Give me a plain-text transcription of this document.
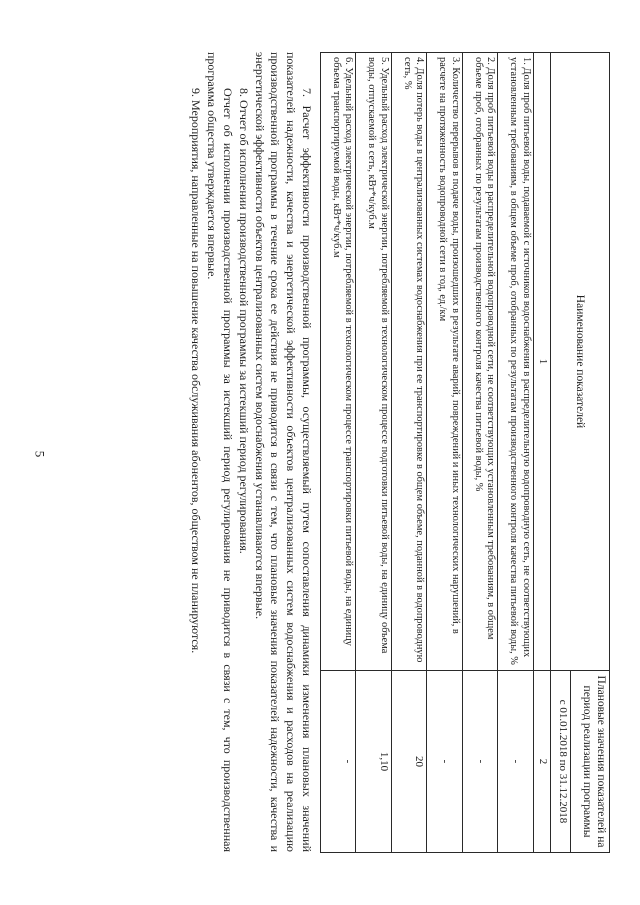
5
Наименование показателей	Плановые значения показателей на период реализации программы
	с 01.01.2018 по 31.12.2018
1	2
1. Доля проб питьевой воды, подаваемой с источников водоснабжения в распределительную водопроводную сеть, не соответствующих установленным требованиям, в общем объеме проб, отобранных по результатам производственного контроля качества питьевой воды, %	-
2. Доля проб питьевой воды в распределительной водопроводной сети, не соответствующих установленным требованиям, в общем объеме проб, отобранных по результатам производственного контроля качества питьевой воды, %	-
3. Количество перерывов в подаче воды, произошедших в результате аварий, повреждений и иных технологических нарушений, в расчете на протяженность водопроводной сети в год, ед./км	-
4. Доля потерь воды в централизованных системах водоснабжения при ее транспортировке в общем объеме, поданной в водопроводную сеть, %	20
5. Удельный расход электрической энергии, потребляемой в технологическом процессе подготовки питьевой воды, на единицу объема воды, отпускаемой в сеть, кВт*ч/куб.м	1,10
6. Удельный расход электрической энергии, потребляемой в технологическом процессе транспортировки питьевой воды, на единицу объема транспортируемой воды, кВт*ч/куб.м	-

7. Расчет эффективности производственной программы, осуществляемый путем сопоставления динамики изменения плановых значений показателей надежности, качества и энергетической эффективности объектов централизованных систем водоснабжения и расходов на реализацию производственной программы в течение срока ее действия не приводится в связи с тем, что плановые значения показателей надежности, качества и энергетической эффективности объектов централизованных систем водоснабжения устанавливаются впервые.

8. Отчет об исполнении производственной программы за истекший период регулирования.

Отчет об исполнении производственной программы за истекший период регулирования не приводится в связи с тем, что производственная программа общества утверждается впервые.

9. Мероприятия, направленные на повышение качества обслуживания абонентов, обществом не планируются.
